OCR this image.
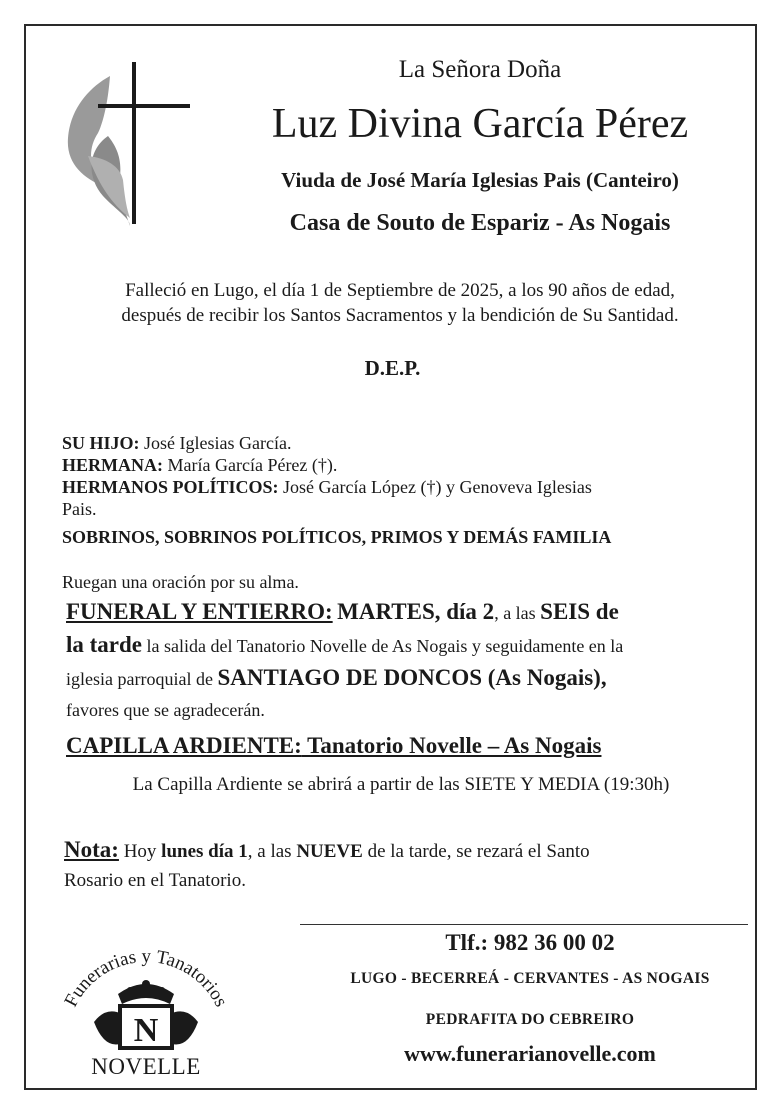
La Señora Doña
Luz Divina García Pérez
Viuda de José María Iglesias Pais (Canteiro)
Casa de Souto de Espariz - As Nogais
Falleció en Lugo, el día 1 de Septiembre de 2025, a los 90 años de edad,
después de recibir los Santos Sacramentos y la bendición de Su Santidad.
D.E.P.
SU HIJO: José Iglesias García.
HERMANA: María García Pérez (†).
HERMANOS POLÍTICOS: José García López (†) y Genoveva Iglesias
Pais.
SOBRINOS, SOBRINOS POLÍTICOS, PRIMOS Y DEMÁS FAMILIA
Ruegan una oración por su alma.
FUNERAL Y ENTIERRO: MARTES, día 2, a las SEIS de
la tarde la salida del Tanatorio Novelle de As Nogais y seguidamente en la
iglesia parroquial de SANTIAGO DE DONCOS (As Nogais),
favores que se agradecerán.
CAPILLA ARDIENTE: Tanatorio Novelle – As Nogais
La Capilla Ardiente se abrirá a partir de las SIETE Y MEDIA (19:30h)
Nota: Hoy lunes día 1, a las NUEVE de la tarde, se rezará el Santo
Rosario en el Tanatorio.
Tlf.: 982 36 00 02
LUGO - BECERREÁ - CERVANTES - AS NOGAIS
PEDRAFITA DO CEBREIRO
www.funerarianovelle.com
Funerarias y Tanatorios
N
NOVELLE
